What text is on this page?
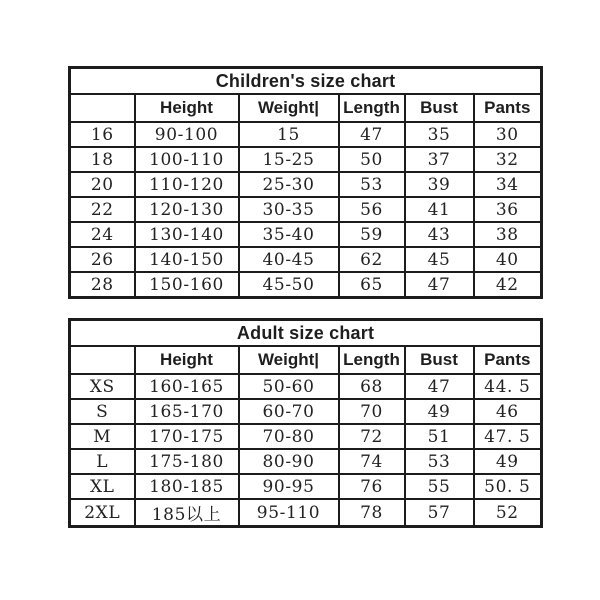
Children's size chart					
	Height	Weight|	Length	Bust	Pants
16	90-100	15	47	35	30
18	100-110	15-25	50	37	32
20	110-120	25-30	53	39	34
22	120-130	30-35	56	41	36
24	130-140	35-40	59	43	38
26	140-150	40-45	62	45	40
28	150-160	45-50	65	47	42
Adult size chart					
	Height	Weight|	Length	Bust	Pants
XS	160-165	50-60	68	47	44. 5
S	165-170	60-70	70	49	46
M	170-175	70-80	72	51	47. 5
L	175-180	80-90	74	53	49
XL	180-185	90-95	76	55	50. 5
2XL	185以上	95-110	78	57	52
